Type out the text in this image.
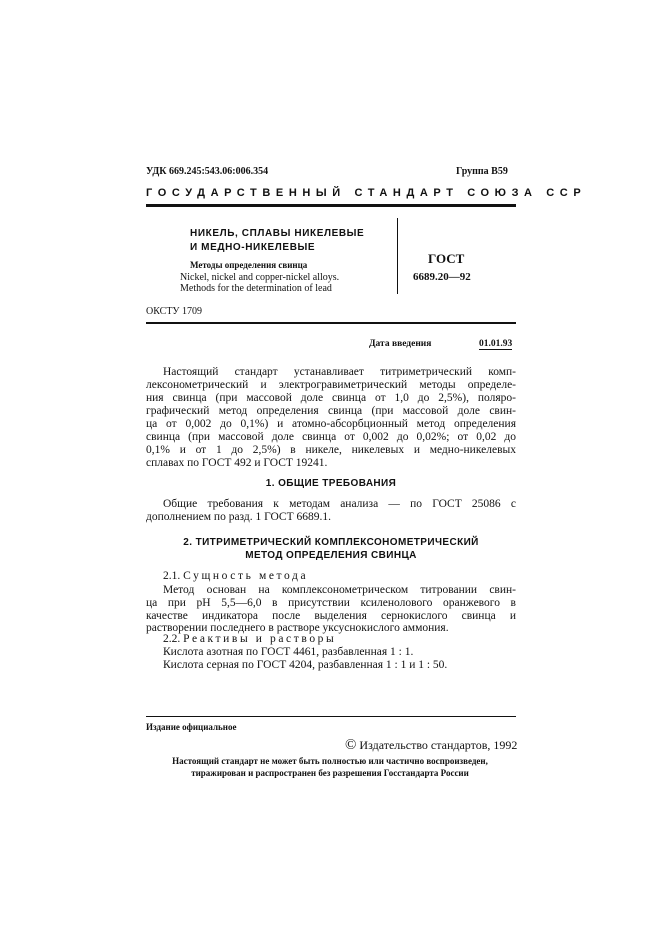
УДК 669.245:543.06:006.354	Группа В59
ГОСУДАРСТВЕННЫЙ СТАНДАРТ СОЮЗА ССР
НИКЕЛЬ, СПЛАВЫ НИКЕЛЕВЫЕ
И МЕДНО-НИКЕЛЕВЫЕ
Методы определения свинца
Nickel, nickel and copper-nickel alloys.
Methods for the determination of lead
ГОСТ
6689.20—92
ОКСТУ 1709
Дата введения	01.01.93
Настоящий стандарт устанавливает титриметрический комп-
лексонометрический и электрогравиметрический методы определе-
ния свинца (при массовой доле свинца от 1,0 до 2,5%), поляро-
графический метод определения свинца (при массовой доле свин-
ца от 0,002 до 0,1%) и атомно-абсорбционный метод определения
свинца (при массовой доле свинца от 0,002 до 0,02%; от 0,02 до
0,1% и от 1 до 2,5%) в никеле, никелевых и медно-никелевых
сплавах по ГОСТ 492 и ГОСТ 19241.
1. ОБЩИЕ ТРЕБОВАНИЯ
Общие требования к методам анализа — по ГОСТ 25086 с
дополнением по разд. 1 ГОСТ 6689.1.
2. ТИТРИМЕТРИЧЕСКИЙ КОМПЛЕКСОНОМЕТРИЧЕСКИЙ
МЕТОД ОПРЕДЕЛЕНИЯ СВИНЦА
2.1. Сущность метода
Метод основан на комплексонометрическом титровании свин-
ца при рН 5,5—6,0 в присутствии ксиленолового оранжевого в
качестве индикатора после выделения сернокислого свинца и
растворении последнего в растворе уксуснокислого аммония.
2.2. Реактивы и растворы
Кислота азотная по ГОСТ 4461, разбавленная 1 : 1.
Кислота серная по ГОСТ 4204, разбавленная 1 : 1 и 1 : 50.
Издание официальное
© Издательство стандартов, 1992
Настоящий стандарт не может быть полностью или частично воспроизведен,
тиражирован и распространен без разрешения Госстандарта России
